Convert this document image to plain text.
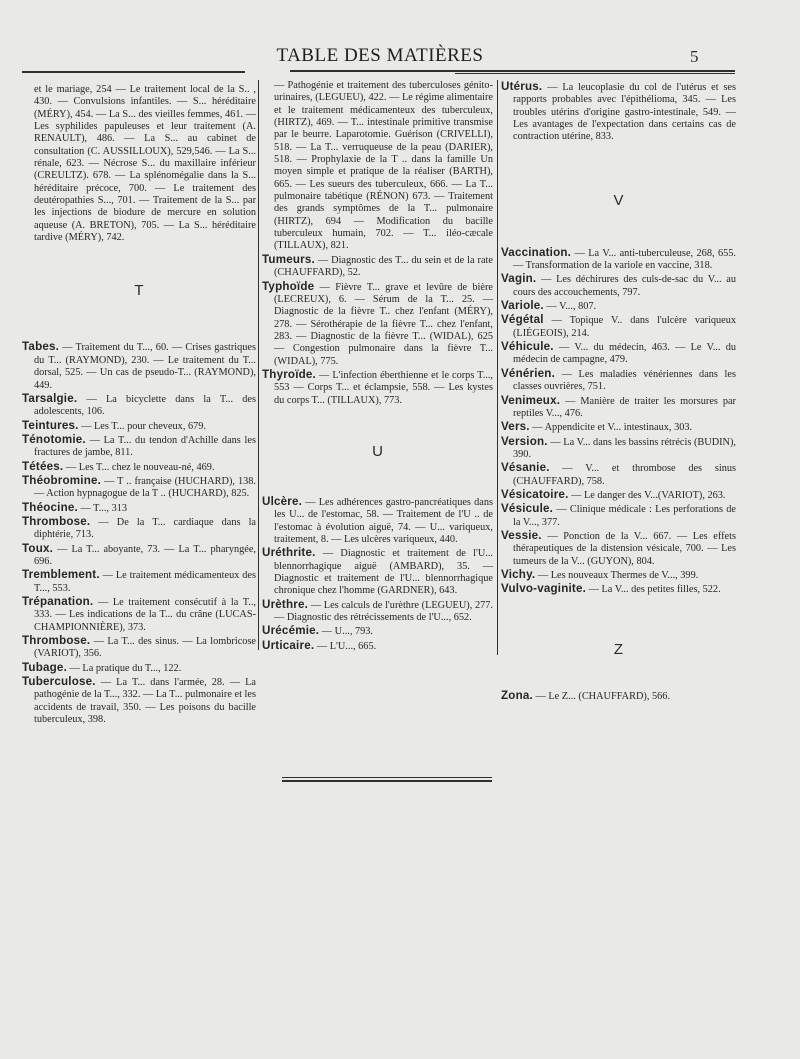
TABLE DES MATIÈRES	5
et le mariage, 254 — Le traitement local de la S.. , 430. — Convulsions infantiles. — S... héréditaire (MÉRY), 454. — La S... des vieilles femmes, 461. — Les syphilides papuleuses et leur traitement (A. RENAULT), 486. — La S... au cabinet de consultation (C. AUSSILLOUX), 529,546. — La S... rénale, 623. — Nécrose S... du maxillaire inférieur (CREULTZ). 678. — La splénomégalie dans la S... héréditaire précoce, 700. — Le traitement des deutéropathies S..., 701. — Traitement de la S... par les injections de biodure de mercure en solution aqueuse (A. BRETON), 705. — La S... héréditaire tardive (MÉRY), 742.
T
Tabes. — Traitement du T..., 60. — Crises gastriques du T... (RAYMOND), 230. — Le traitement du T... dorsal, 525. — Un cas de pseudo-T... (RAYMOND), 449.
Tarsalgie. — La bicyclette dans la T... des adolescents, 106.
Teintures. — Les T... pour cheveux, 679.
Ténotomie. — La T... du tendon d'Achille dans les fractures de jambe, 811.
Tétées. — Les T... chez le nouveau-né, 469.
Théobromine. — T .. française (HUCHARD), 138. — Action hypnagogue de la T .. (HUCHARD), 825.
Théocine. — T..., 313
Thrombose. — De la T... cardiaque dans la diphtérie, 713.
Toux. — La T... aboyante, 73. — La T... pharyngée, 696.
Tremblement. — Le traitement médicamenteux des T..., 553.
Trépanation. — Le traitement consécutif à la T.., 333. — Les indications de la T... du crâne (LUCAS-CHAMPIONNIÈRE), 373.
Thrombose. — La T... des sinus. — La lombricose (VARIOT), 356.
Tubage. — La pratique du T..., 122.
Tuberculose. — La T... dans l'armée, 28. — La pathogénie de la T..., 332. — La T... pulmonaire et les accidents de travail, 350. — Les poisons du bacille tuberculeux, 398.
— Pathogénie et traitement des tuberculoses génito-urinaires, (LEGUEU), 422. — Le régime alimentaire et le traitement médicamenteux des tuberculeux, (HIRTZ), 469. — T... intestinale primitive transmise par le beurre. Laparotomie. Guérison (CRIVELLI), 518. — La T... verruqueuse de la peau (DARIER), 518. — Prophylaxie de la T .. dans la famille Un moyen simple et pratique de la réaliser (BARTH), 665. — Les sueurs des tuberculeux, 666. — La T... pulmonaire tabétique (RÉNON) 673. — Traitement des grands symptômes de la T... pulmonaire (HIRTZ), 694 — Modification du bacille tuberculeux humain, 702. — T... iléo-cæcale (TILLAUX), 821.
Tumeurs. — Diagnostic des T... du sein et de la rate (CHAUFFARD), 52.
Typhoïde — Fièvre T... grave et levûre de bière (LECREUX), 6. — Sérum de la T... 25. — Diagnostic de la fièvre T.. chez l'enfant (MÉRY), 278. — Sérothérapie de la fièvre T... chez l'enfant, 283. — Diagnostic de la fièvre T... (WIDAL), 625 — Congestion pulmonaire dans la fièvre T... (WIDAL), 775.
Thyroïde. — L'infection éberthienne et le corps T..., 553 — Corps T... et éclampsie, 558. — Les kystes du corps T... (TILLAUX), 773.
U
Ulcère. — Les adhérences gastro-pancréatiques dans les U... de l'estomac, 58. — Traitement de l'U .. de l'estomac à évolution aiguë, 74. — U... variqueux, traitement, 8. — Les ulcères variqueux, 440.
Uréthrite. — Diagnostic et traitement de l'U... blennorrhagique aiguë (AMBARD), 35. — Diagnostic et traitement de l'U... blennorrhagique chronique chez l'homme (GARDNER), 643.
Urèthre. — Les calculs de l'urèthre (LEGUEU), 277. — Diagnostic des rétrécissements de l'U..., 652.
Urécémie. — U..., 793.
Urticaire. — L'U..., 665.
Utérus. — La leucoplasie du col de l'utérus et ses rapports probables avec l'épithélioma, 345. — Les troubles utérins d'origine gastro-intestinale, 549. — Les avantages de l'expectation dans certains cas de contraction utérine, 833.
V
Vaccination. — La V... anti-tuberculeuse, 268, 655. — Transformation de la variole en vaccine, 318.
Vagin. — Les déchirures des culs-de-sac du V... au cours des accouchements, 797.
Variole. — V..., 807.
Végétal — Topique V.. dans l'ulcère variqueux (LIÉGEOIS), 214.
Véhicule. — V... du médecin, 463. — Le V... du médecin de campagne, 479.
Vénérien. — Les maladies vénériennes dans les classes ouvrières, 751.
Venimeux. — Manière de traiter les morsures par reptiles V..., 476.
Vers. — Appendicite et V... intestinaux, 303.
Version. — La V... dans les bassins rétrécis (BUDIN), 390.
Vésanie. — V... et thrombose des sinus (CHAUFFARD), 758.
Vésicatoire. — Le danger des V...(VARIOT), 263.
Vésicule. — Clinique médicale : Les perforations de la V..., 377.
Vessie. — Ponction de la V... 667. — Les effets thérapeutiques de la distension vésicale, 700. — Les tumeurs de la V... (GUYON), 804.
Vichy. — Les nouveaux Thermes de V..., 399.
Vulvo-vaginite. — La V... des petites filles, 522.
Z
Zona. — Le Z... (CHAUFFARD), 566.
